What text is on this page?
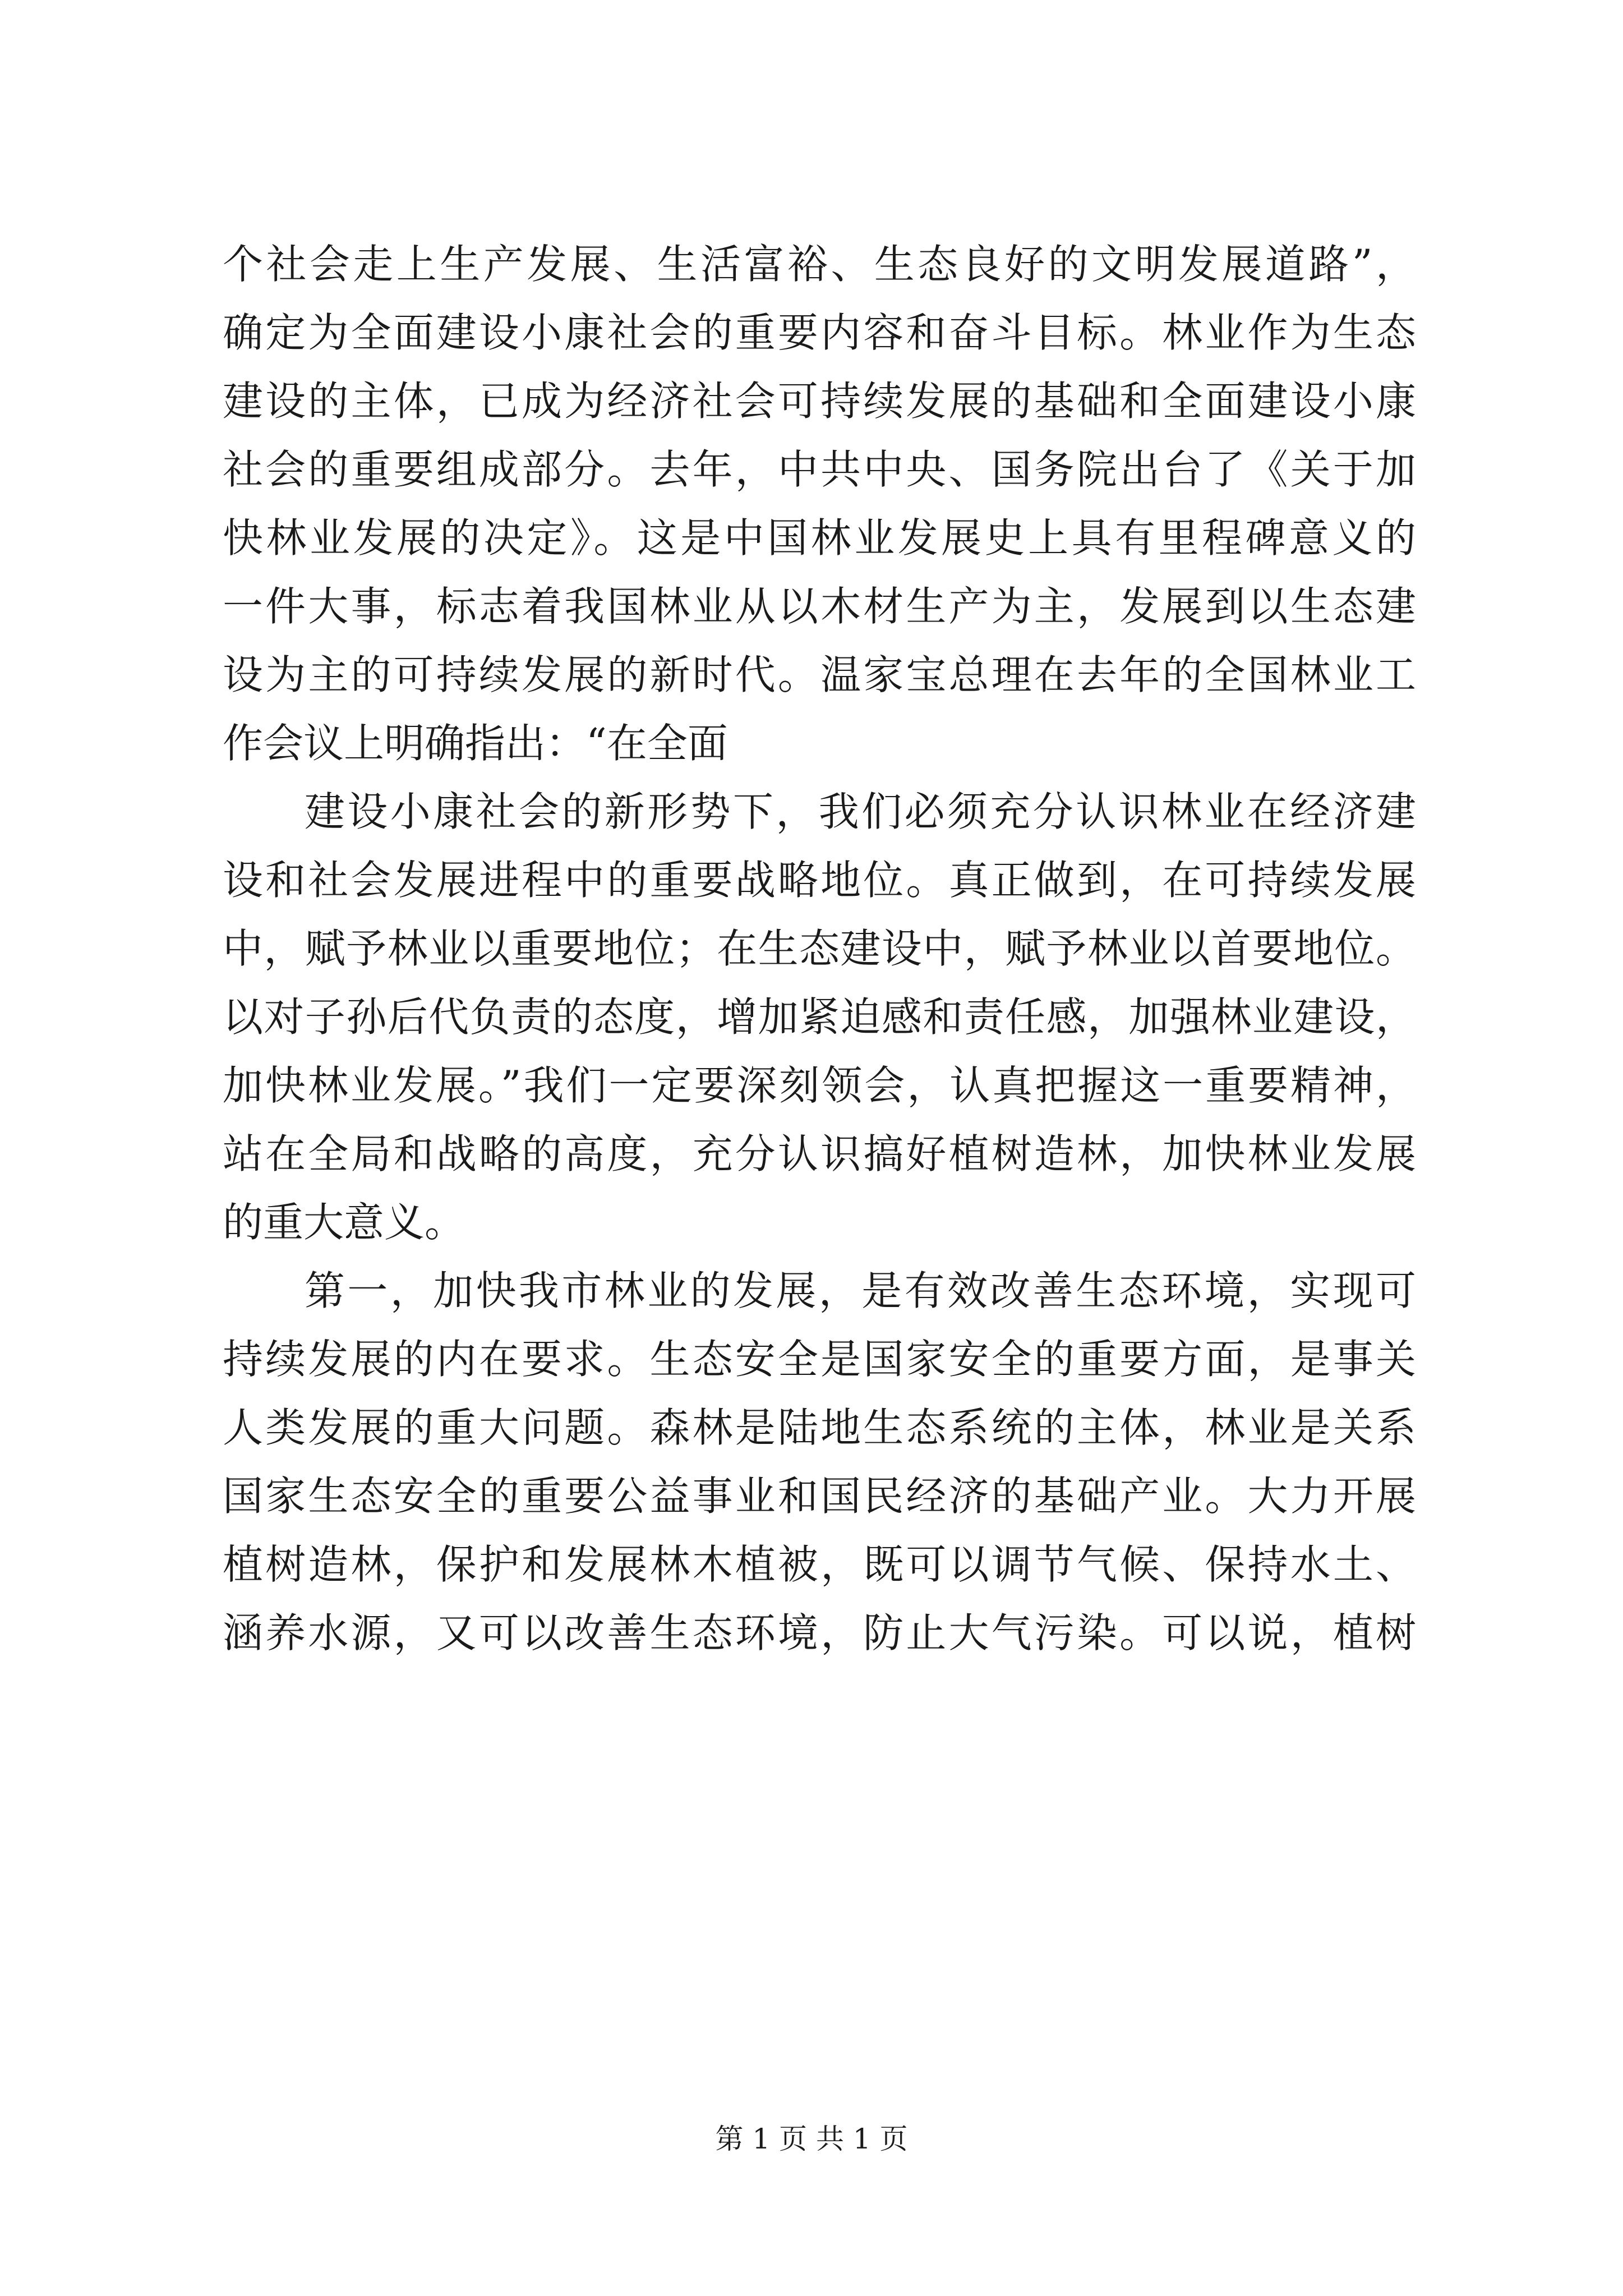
个社会走上生产发展、生活富裕、生态良好的文明发展道路”，
确定为全面建设小康社会的重要内容和奋斗目标。林业作为生态
建设的主体，已成为经济社会可持续发展的基础和全面建设小康
社会的重要组成部分。去年，中共中央、国务院出台了《关于加
快林业发展的决定》。这是中国林业发展史上具有里程碑意义的
一件大事，标志着我国林业从以木材生产为主，发展到以生态建
设为主的可持续发展的新时代。温家宝总理在去年的全国林业工
作会议上明确指出：“在全面
建设小康社会的新形势下，我们必须充分认识林业在经济建
设和社会发展进程中的重要战略地位。真正做到，在可持续发展
中，赋予林业以重要地位；在生态建设中，赋予林业以首要地位。
以对子孙后代负责的态度，增加紧迫感和责任感，加强林业建设，
加快林业发展。”我们一定要深刻领会，认真把握这一重要精神，
站在全局和战略的高度，充分认识搞好植树造林，加快林业发展
的重大意义。
第一，加快我市林业的发展，是有效改善生态环境，实现可
持续发展的内在要求。生态安全是国家安全的重要方面，是事关
人类发展的重大问题。森林是陆地生态系统的主体，林业是关系
国家生态安全的重要公益事业和国民经济的基础产业。大力开展
植树造林，保护和发展林木植被，既可以调节气候、保持水土、
涵养水源，又可以改善生态环境，防止大气污染。可以说，植树
第 1 页 共 1 页
